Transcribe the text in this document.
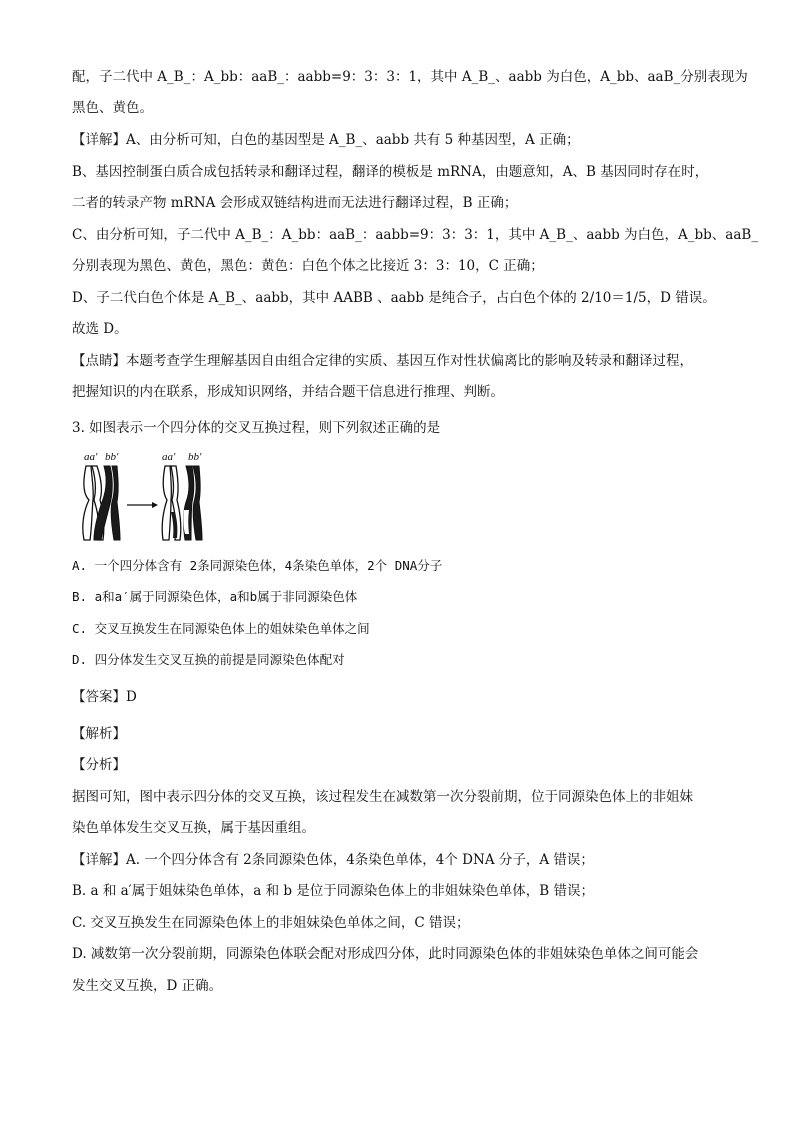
配，子二代中 A_B_：A_bb：aaB_：aabb=9：3：3：1，其中 A_B_、aabb 为白色，A_bb、aaB_分别表现为
黑色、黄色。
【详解】A、由分析可知，白色的基因型是 A_B_、aabb 共有 5 种基因型，A 正确；
B、基因控制蛋白质合成包括转录和翻译过程，翻译的模板是 mRNA，由题意知，A、B 基因同时存在时，
二者的转录产物 mRNA 会形成双链结构进而无法进行翻译过程，B 正确；
C、由分析可知，子二代中 A_B_：A_bb：aaB_：aabb=9：3：3：1，其中 A_B_、aabb 为白色，A_bb、aaB_
分别表现为黑色、黄色，黑色：黄色：白色个体之比接近 3：3：10，C 正确；
D、子二代白色个体是 A_B_、aabb，其中 AABB 、aabb 是纯合子，占白色个体的 2/10＝1/5，D 错误。
故选 D。
【点睛】本题考查学生理解基因自由组合定律的实质、基因互作对性状偏离比的影响及转录和翻译过程，
把握知识的内在联系，形成知识网络，并结合题干信息进行推理、判断。
3. 如图表示一个四分体的交叉互换过程，则下列叙述正确的是
aa′ bb′	aa′ bb′
A. 一个四分体含有 2条同源染色体，4条染色单体，2个 DNA分子
B. a和a′属于同源染色体，a和b属于非同源染色体
C. 交叉互换发生在同源染色体上的姐妹染色单体之间
D. 四分体发生交叉互换的前提是同源染色体配对
【答案】D
【解析】
【分析】
据图可知，图中表示四分体的交叉互换，该过程发生在减数第一次分裂前期，位于同源染色体上的非姐妹
染色单体发生交叉互换，属于基因重组。
【详解】A. 一个四分体含有 2条同源染色体，4条染色单体，4个 DNA 分子，A 错误；
B. a 和 a′属于姐妹染色单体，a 和 b 是位于同源染色体上的非姐妹染色单体，B 错误；
C. 交叉互换发生在同源染色体上的非姐妹染色单体之间，C 错误；
D. 减数第一次分裂前期，同源染色体联会配对形成四分体，此时同源染色体的非姐妹染色单体之间可能会
发生交叉互换，D 正确。
